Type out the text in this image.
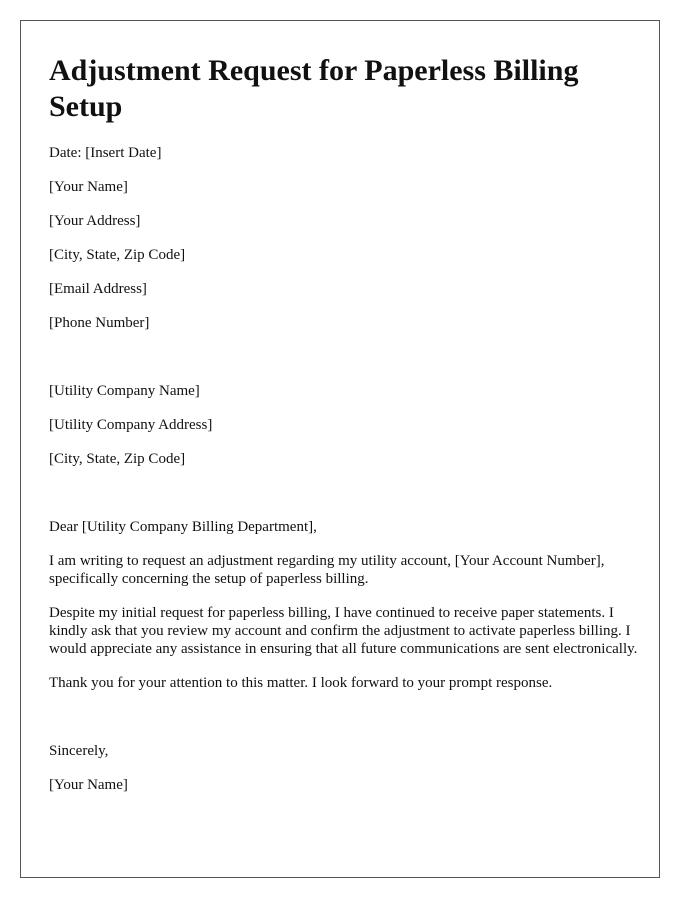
Adjustment Request for Paperless Billing Setup
Date: [Insert Date]
[Your Name]
[Your Address]
[City, State, Zip Code]
[Email Address]
[Phone Number]
[Utility Company Name]
[Utility Company Address]
[City, State, Zip Code]
Dear [Utility Company Billing Department],
I am writing to request an adjustment regarding my utility account, [Your Account Number], specifically concerning the setup of paperless billing.
Despite my initial request for paperless billing, I have continued to receive paper statements. I kindly ask that you review my account and confirm the adjustment to activate paperless billing. I would appreciate any assistance in ensuring that all future communications are sent electronically.
Thank you for your attention to this matter. I look forward to your prompt response.
Sincerely,
[Your Name]
